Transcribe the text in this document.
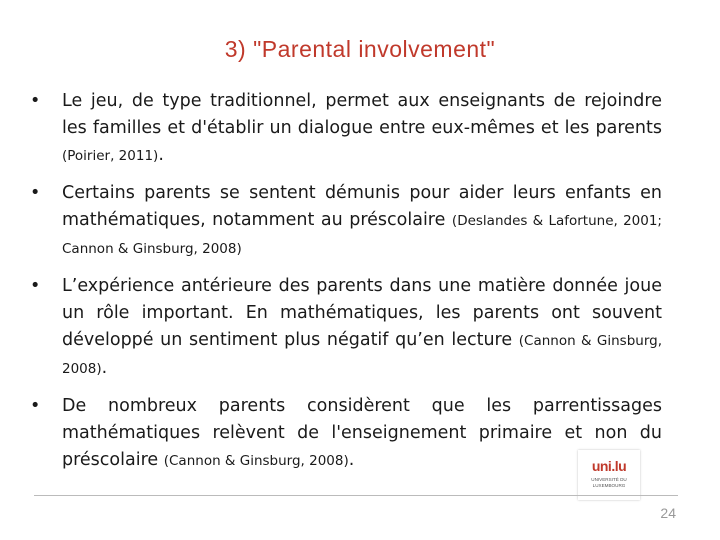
3) "Parental involvement"
• Le jeu, de type traditionnel, permet aux enseignants de rejoindre les familles et d'établir un dialogue entre eux-mêmes et les parents (Poirier, 2011).
• Certains parents se sentent démunis pour aider leurs enfants en mathématiques, notamment au préscolaire (Deslandes & Lafortune, 2001; Cannon & Ginsburg, 2008)
• L’expérience antérieure des parents dans une matière donnée joue un rôle important. En mathématiques, les parents ont souvent développé un sentiment plus négatif qu’en lecture (Cannon & Ginsburg, 2008).
• De nombreux parents considèrent que les parrentissages mathématiques relèvent de l'enseignement primaire et non du préscolaire (Cannon & Ginsburg, 2008).	uni.lu
UNIVERSITÉ DU LUXEMBOURG
24
